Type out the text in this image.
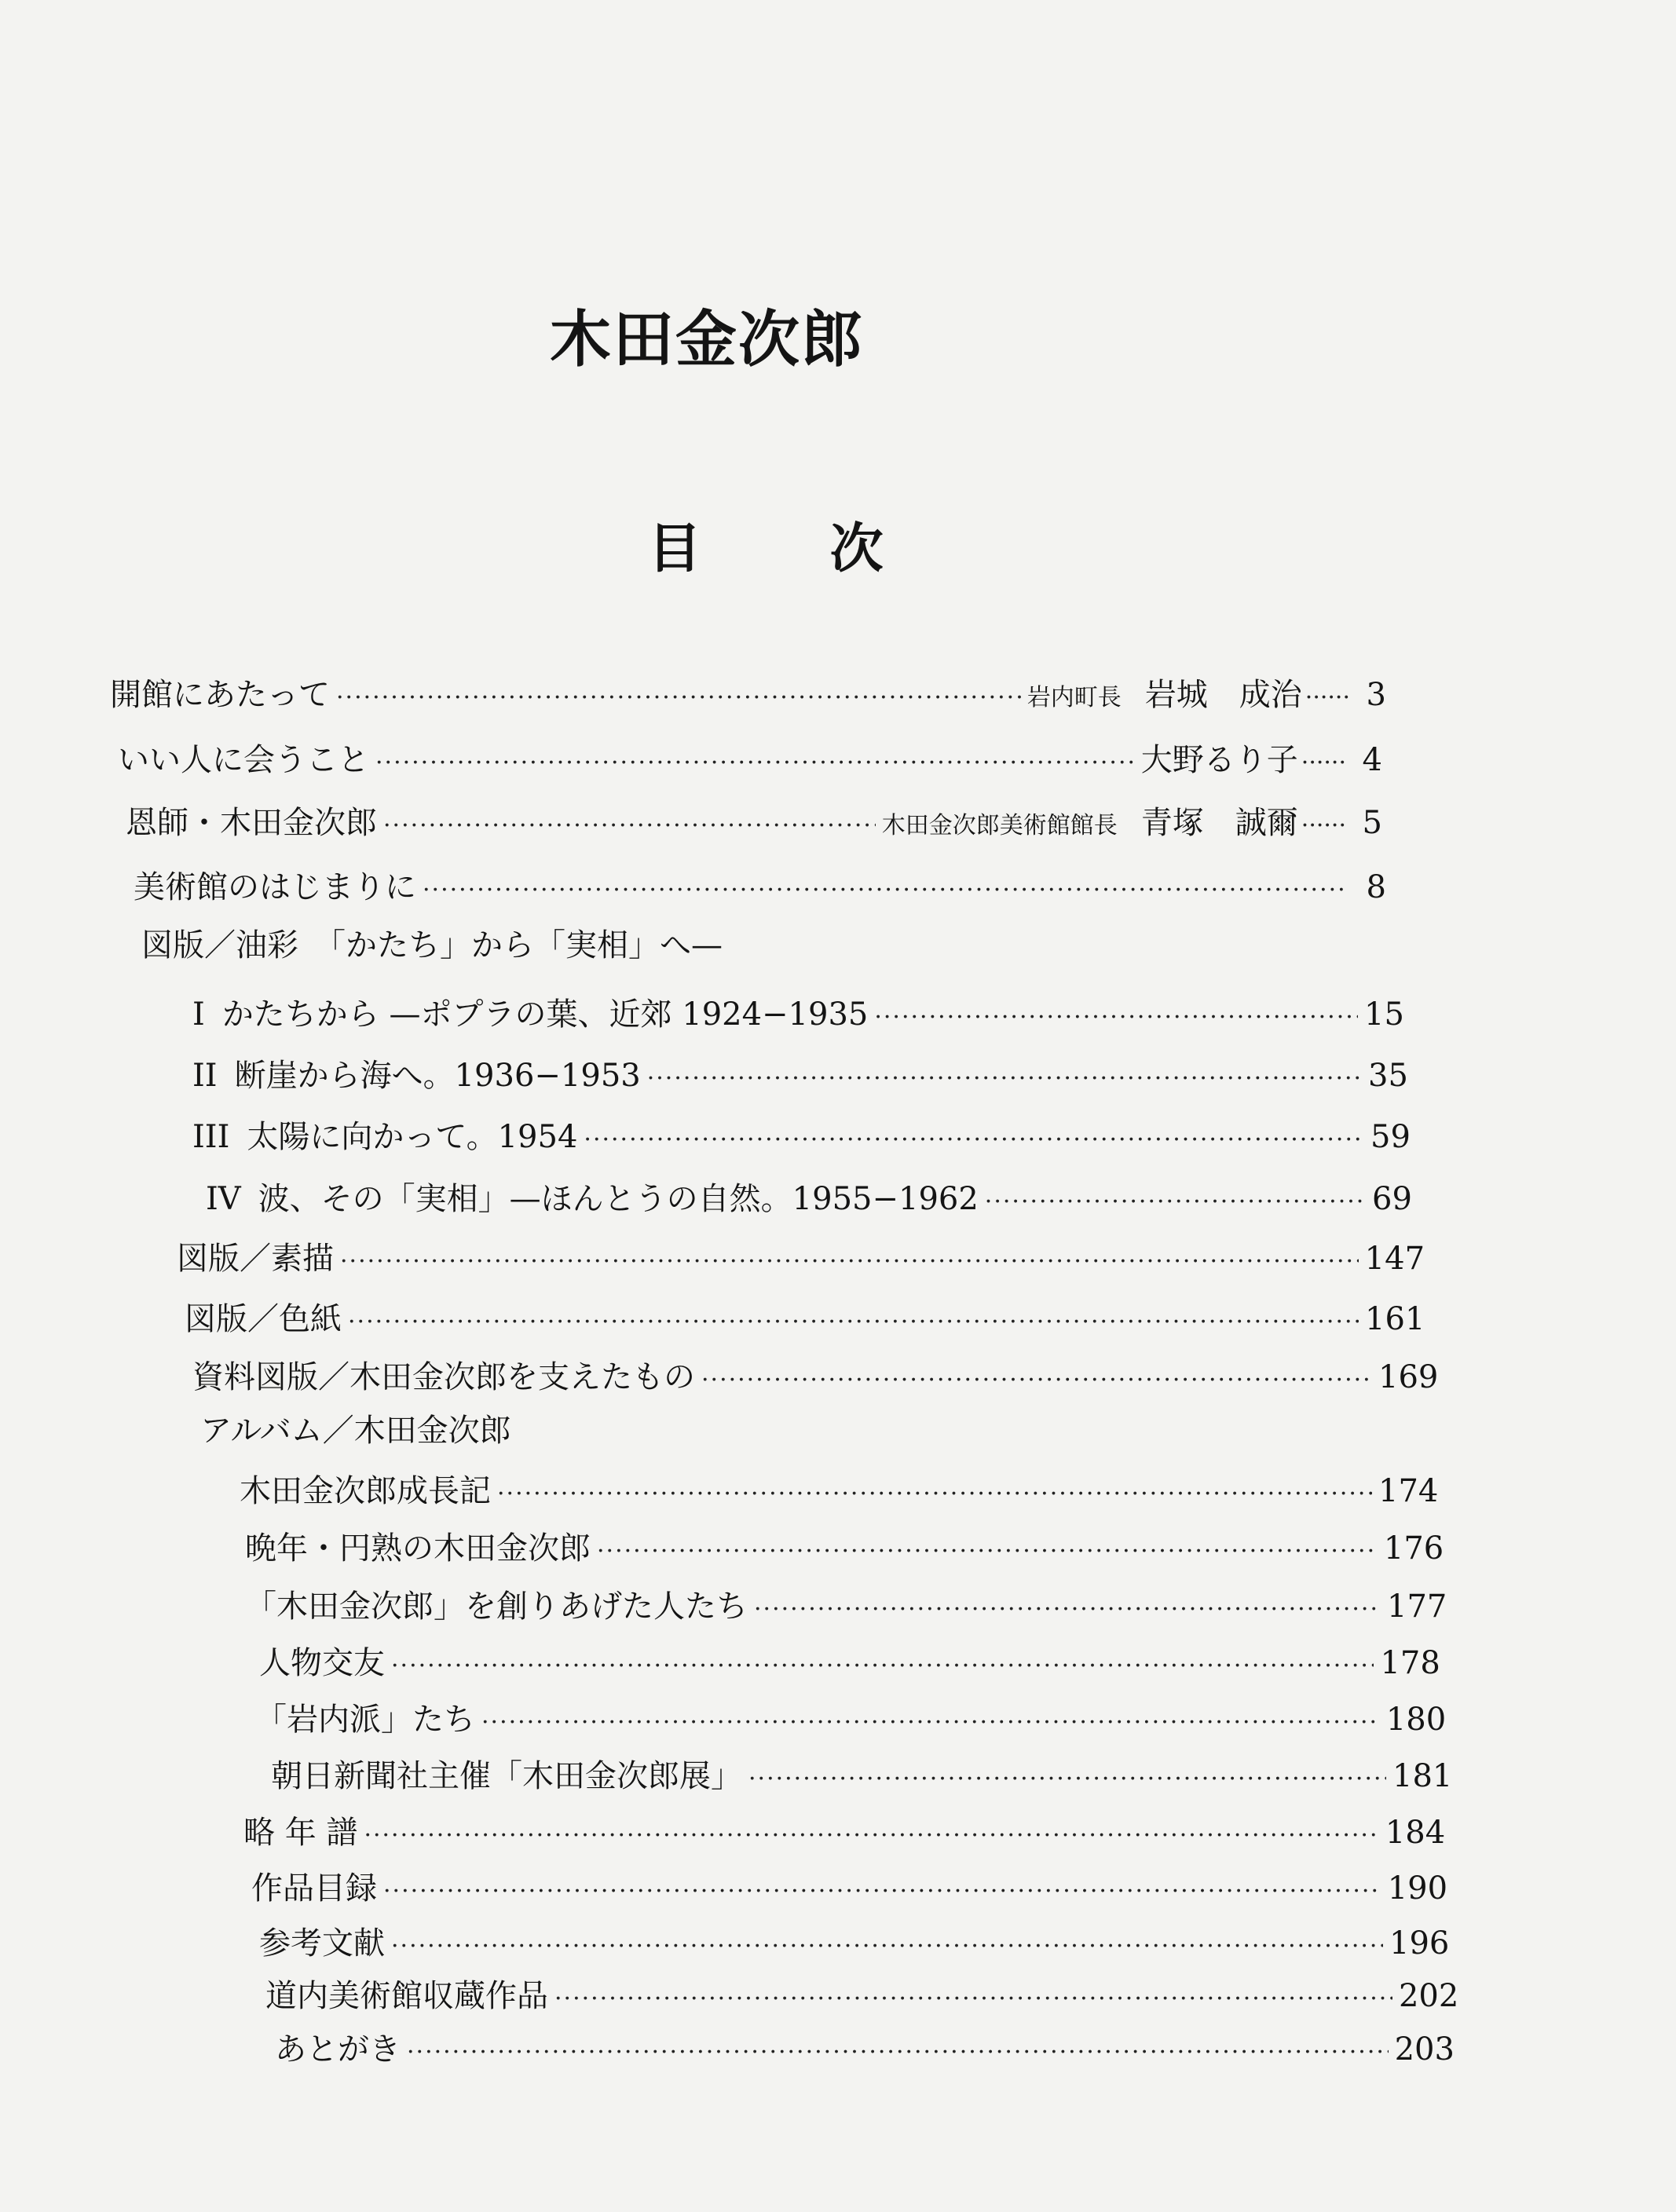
木田金次郎
目 次
開館にあたって ·····	岩内町長 岩城　成治 ······ 3
いい人に会うこと ·····	大野るり子 ······ 4
恩師・木田金次郎 ·····	木田金次郎美術館館長 青塚　誠爾 ······ 5
美術館のはじまりに ·····	8
図版／油彩　「かたち」から「実相」へ—
I かたちから —ポプラの葉、近郊 1924−1935 ·····	15
II 断崖から海へ。1936−1953 ·····	35
III 太陽に向かって。1954 ·····	59
IV 波、その「実相」—ほんとうの自然。1955−1962 ·····	69
図版／素描 ·····	147
図版／色紙 ·····	161
資料図版／木田金次郎を支えたもの ·····	169
アルバム／木田金次郎
木田金次郎成長記 ·····	174
晩年・円熟の木田金次郎 ·····	176
「木田金次郎」を創りあげた人たち ·····	177
人物交友 ·····	178
「岩内派」たち ·····	180
朝日新聞社主催「木田金次郎展」 ·····	181
略 年 譜 ·····	184
作品目録 ·····	190
参考文献 ·····	196
道内美術館収蔵作品 ·····	202
あとがき ·····	203
